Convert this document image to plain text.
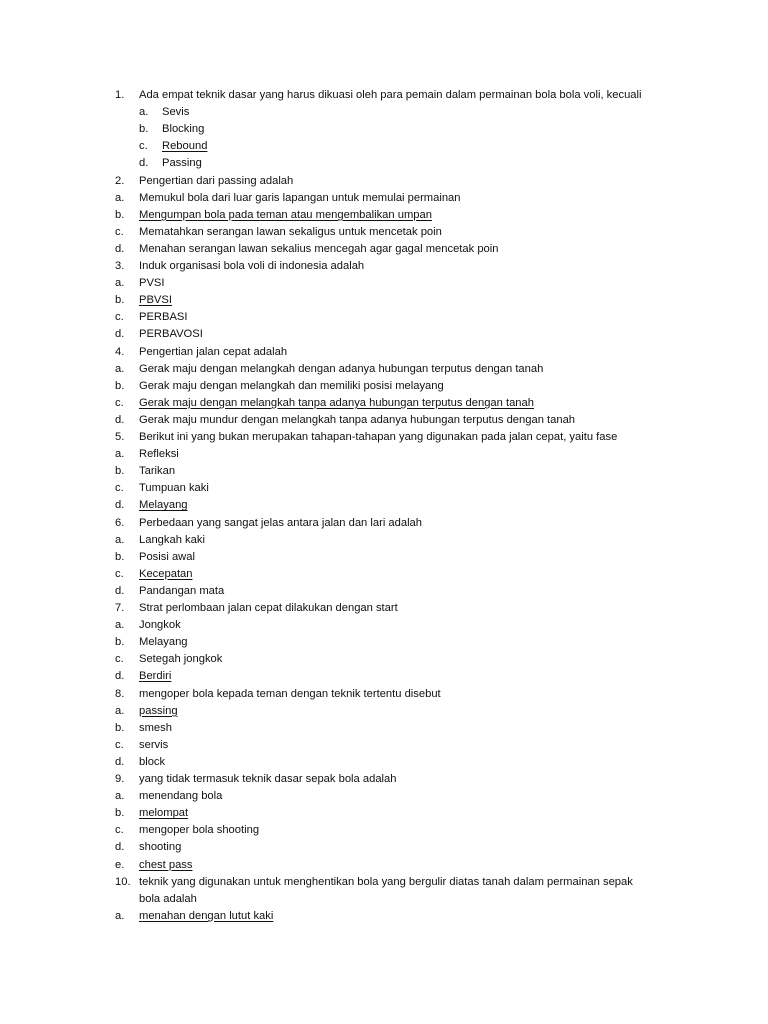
1. Ada empat teknik dasar yang harus dikuasi oleh para pemain dalam permainan bola bola voli, kecuali
a. Sevis
b. Blocking
c. Rebound
d. Passing
2. Pengertian dari passing adalah
a. Memukul bola dari luar garis lapangan untuk memulai permainan
b. Mengumpan bola pada teman atau mengembalikan umpan
c. Mematahkan serangan lawan sekaligus untuk mencetak poin
d. Menahan serangan lawan sekalius mencegah agar gagal mencetak poin
3. Induk organisasi bola voli di indonesia adalah
a. PVSI
b. PBVSI
c. PERBASI
d. PERBAVOSI
4. Pengertian jalan cepat adalah
a. Gerak maju dengan melangkah dengan adanya hubungan terputus dengan tanah
b. Gerak maju dengan melangkah dan memiliki posisi melayang
c. Gerak maju dengan melangkah tanpa adanya hubungan terputus dengan tanah
d. Gerak maju mundur dengan melangkah tanpa adanya hubungan terputus dengan tanah
5. Berikut ini yang bukan merupakan tahapan-tahapan yang digunakan pada jalan cepat, yaitu fase
a. Refleksi
b. Tarikan
c. Tumpuan kaki
d. Melayang
6. Perbedaan yang sangat jelas antara jalan dan lari adalah
a. Langkah kaki
b. Posisi awal
c. Kecepatan
d. Pandangan mata
7. Strat perlombaan jalan cepat dilakukan dengan start
a. Jongkok
b. Melayang
c. Setegah jongkok
d. Berdiri
8. mengoper bola kepada teman dengan teknik tertentu disebut
a. passing
b. smesh
c. servis
d. block
9. yang tidak termasuk teknik dasar sepak bola adalah
a. menendang bola
b. melompat
c. mengoper bola shooting
d. shooting
e. chest pass
10. teknik yang digunakan untuk menghentikan bola yang bergulir diatas tanah dalam permainan sepak
bola adalah
a. menahan dengan lutut kaki
